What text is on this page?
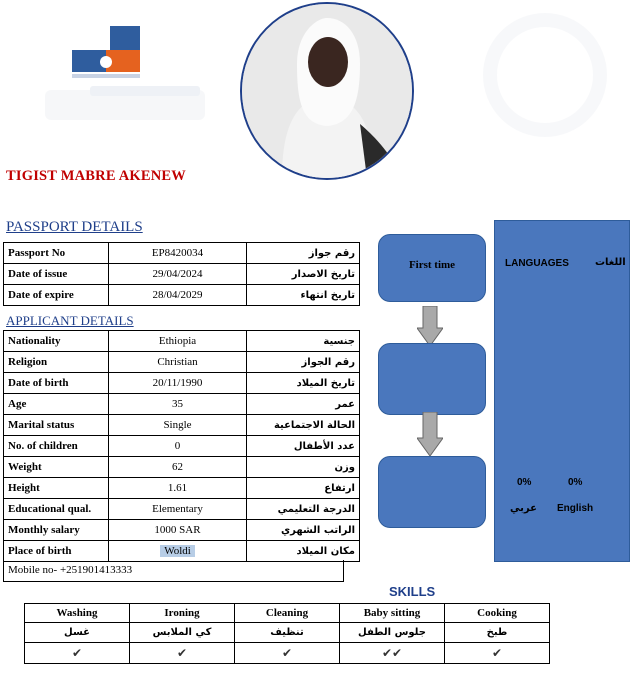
TIGIST MABRE AKENEW
PASSPORT DETAILS
Passport No	EP8420034	رقم جواز
Date of issue	29/04/2024	تاريخ الاصدار
Date of expire	28/04/2029	تاريخ انتهاء
APPLICANT DETAILS
Nationality	Ethiopia	جنسية
Religion	Christian	رقم الجواز
Date of birth	20/11/1990	تاريخ الميلاد
Age	35	عمر
Marital status	Single	الحالة الاجتماعية
No. of children	0	عدد الأطفال
Weight	62	وزن
Height	1.61	ارتفاع
Educational qual.	Elementary	الدرجة التعليمي
Monthly salary	1000 SAR	الراتب الشهري
Place of birth	Woldi	مكان الميلاد
Mobile no- +251901413333
First time	LANGUAGES	اللغات
0%	0%
عربي English
SKILLS
Washing	Ironing	Cleaning	Baby sitting	Cooking
غسل	كي الملابس	تنظيف	جلوس الطفل	طبخ
✔	✔	✔	✔✔	✔
